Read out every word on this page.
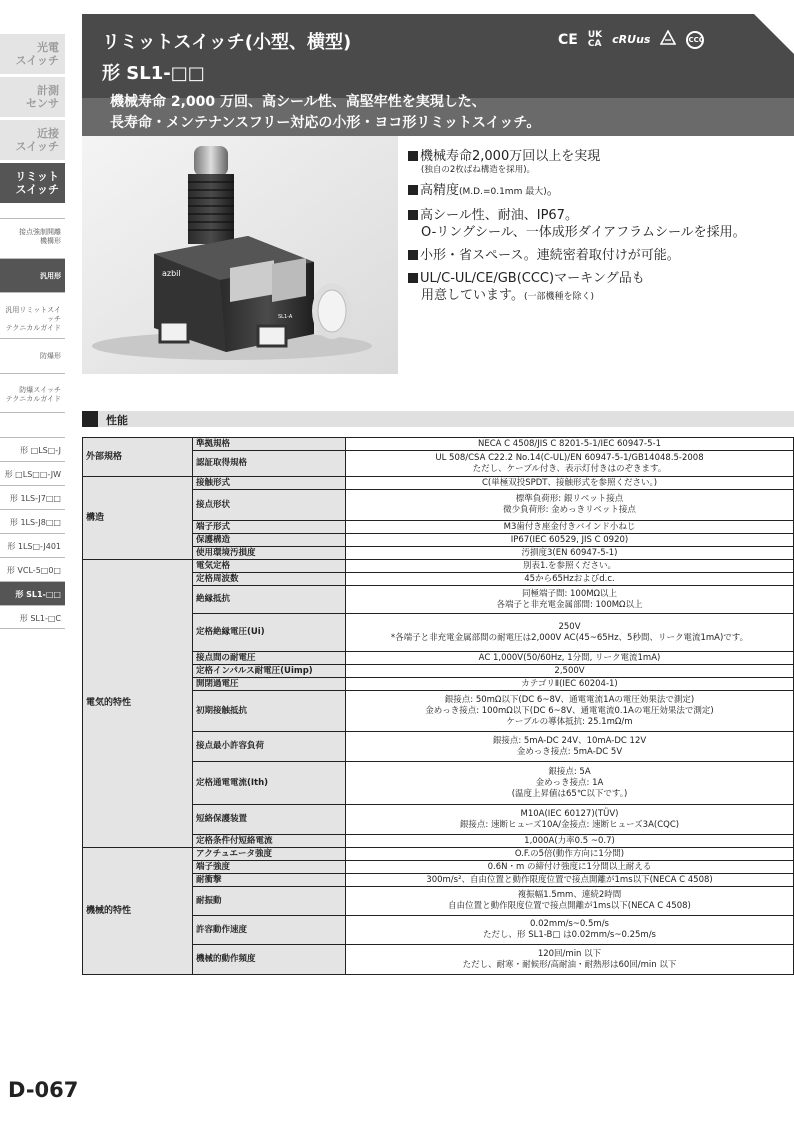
光電
スイッチ
計測
センサ
近接
スイッチ
リミット
スイッチ
接点強制開離
機構形
汎用形
汎用リミットスイッチ
テクニカルガイド
防爆形
防爆スイッチ
テクニカルガイド
形 □LS□-J
形 □LS□□-JW
形 1LS-J7□□
形 1LS-J8□□
形 1LS□-J401
形 VCL-5□0□
形 SL1-□□
形 SL1-□C
リミットスイッチ(小型、横型)
形 SL1-□□
CE UK
CA cRUus	CCC
機械寿命 2,000 万回、高シール性、高堅牢性を実現した、
長寿命・メンテナンスフリー対応の小形・ヨコ形リミットスイッチ。
azbil
SL1-A
機械寿命2,000万回以上を実現
(独自の2枚ばね構造を採用)。
高精度(M.D.=0.1mm 最大)。
高シール性、耐油、IP67。
O-リングシール、一体成形ダイアフラムシールを採用。
小形・省スペース。連続密着取付けが可能。
UL/C-UL/CE/GB(CCC)マーキング品も
用意しています。(一部機種を除く)
性能
外部規格	準拠規格	NECA C 4508/JIS C 8201-5-1/IEC 60947-5-1

	認証取得規格	UL 508/CSA C22.2 No.14(C-UL)/EN 60947-5-1/GB14048.5-2008
ただし、ケーブル付き、表示灯付きはのぞきます。

構造	接触形式	C(単極双投SPDT、接触形式を参照ください。)

	接点形状	標準負荷形: 銀リベット接点
微少負荷形: 金めっきリベット接点

	端子形式	M3歯付き座金付きバインド小ねじ

	保護構造	IP67(IEC 60529, JIS C 0920)

	使用環境汚損度	汚損度3(EN 60947-5-1)

電気的特性	電気定格	別表1.を参照ください。

	定格周波数	45から65Hzおよびd.c.

	絶縁抵抗	同極端子間: 100MΩ以上
各端子と非充電金属部間: 100MΩ以上

	定格絶縁電圧(Ui)	250V
*各端子と非充電金属部間の耐電圧は2,000V AC(45~65Hz、5秒間、リーク電流1mA)です。

	接点間の耐電圧	AC 1,000V(50/60Hz, 1分間, リーク電流1mA)

	定格インパルス耐電圧(Uimp)	2,500V

	開閉過電圧	カテゴリⅡ(IEC 60204-1)

	初期接触抵抗	銀接点: 50mΩ以下(DC 6~8V、通電電流1Aの電圧効果法で測定)
金めっき接点: 100mΩ以下(DC 6~8V、通電電流0.1Aの電圧効果法で測定)
ケーブルの導体抵抗: 25.1mΩ/m

	接点最小許容負荷	銀接点: 5mA-DC 24V、10mA-DC 12V
金めっき接点: 5mA-DC 5V

	定格通電電流(Ith)	銀接点: 5A
金めっき接点: 1A
(温度上昇値は65℃以下です。)

	短絡保護装置	M10A(IEC 60127)(TÜV)
銀接点: 速断ヒューズ10A/金接点: 速断ヒューズ3A(CQC)

	定格条件付短絡電流	1,000A(力率0.5 ~0.7)

機械的特性	アクチュエータ強度	O.F.の5倍(動作方向に1分間)

	端子強度	0.6N・m の締付け強度に1分間以上耐える

	耐衝撃	300m/s²、自由位置と動作限度位置で接点開離が1ms以下(NECA C 4508)

	耐振動	複振幅1.5mm、連続2時間
自由位置と動作限度位置で接点開離が1ms以下(NECA C 4508)

	許容動作速度	0.02mm/s~0.5m/s
ただし、形 SL1-B□ は0.02mm/s~0.25m/s

	機械的動作頻度	120回/min 以下
ただし、耐寒・耐候形/高耐油・耐熱形は60回/min 以下
D-067
